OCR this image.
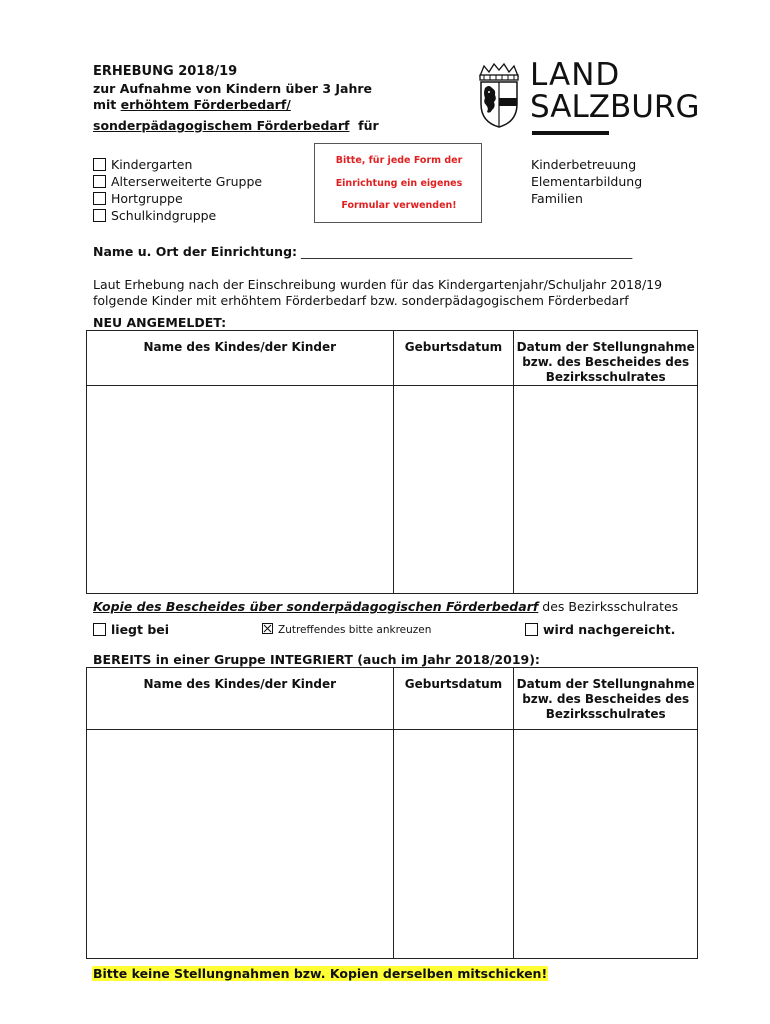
ERHEBUNG 2018/19
zur Aufnahme von Kindern über 3 Jahre
mit erhöhtem Förderbedarf/
sonderpädagogischem Förderbedarf für
LAND
SALZBURG
Kindergarten
Alterserweiterte Gruppe
Hortgruppe
Schulkindgruppe
Bitte, für jede Form der
Einrichtung ein eigenes
Formular verwenden!
Kinderbetreuung
Elementarbildung
Familien
Name u. Ort der Einrichtung: _____________________________________________________
Laut Erhebung nach der Einschreibung wurden für das Kindergartenjahr/Schuljahr 2018/19
folgende Kinder mit erhöhtem Förderbedarf bzw. sonderpädagogischem Förderbedarf
NEU ANGEMELDET:
Name des Kindes/der Kinder	Geburtsdatum	Datum der Stellungnahme
bzw. des Bescheides des
Bezirksschulrates

Kopie des Bescheides über sonderpädagogischen Förderbedarf des Bezirksschulrates
liegt bei	Zutreffendes bitte ankreuzen	wird nachgereicht.
BEREITS in einer Gruppe INTEGRIERT (auch im Jahr 2018/2019):
Name des Kindes/der Kinder	Geburtsdatum	Datum der Stellungnahme
bzw. des Bescheides des
Bezirksschulrates

Bitte keine Stellungnahmen bzw. Kopien derselben mitschicken!
